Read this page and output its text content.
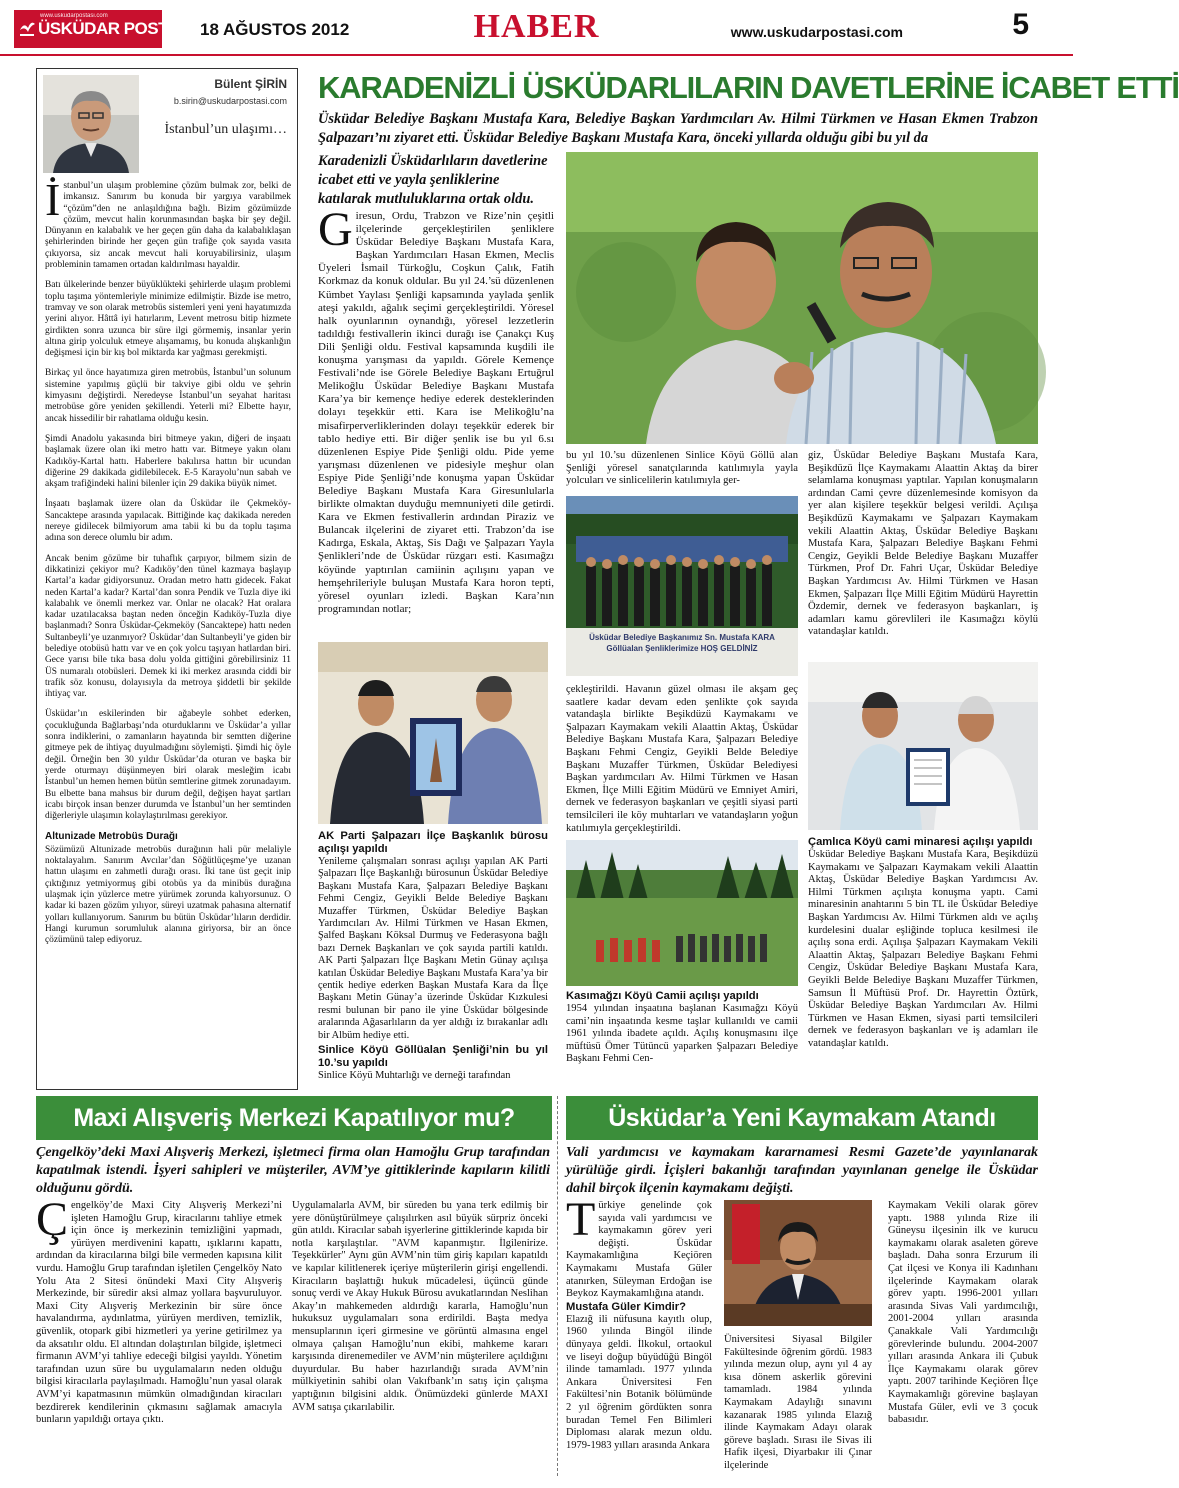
www.uskudarpostasi.com
ÜSKÜDAR POSTASI 18 AĞUSTOS 2012	HABER	www.uskudarpostasi.com	5
Bülent ŞİRİN
b.sirin@uskudarpostasi.com
İstanbul’un ulaşımı…

İstanbul’un ulaşım problemine çözüm bulmak zor, belki de imkansız. Sanırım bu konuda bir yargıya varabilmek “çözüm”den ne anlaşıldığına bağlı. Bizim gözümüzde çözüm, mevcut halin korunmasından başka bir şey değil. Dünyanın en kalabalık ve her geçen gün daha da kalabalıklaşan şehirlerinden birinde her geçen gün trafiğe çok sayıda vasıta çıkıyorsa, siz ancak mevcut hali koruyabilirsiniz, ulaşım probleminin tamamen ortadan kaldırılması hayaldir.

Batı ülkelerinde benzer büyüklükteki şehirlerde ulaşım problemi toplu taşıma yöntemleriyle minimize edilmiştir. Bizde ise metro, tramvay ve son olarak metrobüs sistemleri yeni yeni hayatımızda yerini alıyor. Hâttâ iyi hatırlarım, Levent metrosu bitip hizmete girdikten sonra uzunca bir süre ilgi görmemiş, insanlar yerin altına girip yolculuk etmeye alışamamış, bu konuda alışkanlığın değişmesi için bir kış bol miktarda kar yağması gerekmişti.

Birkaç yıl önce hayatımıza giren metrobüs, İstanbul’un solunum sistemine yapılmış güçlü bir takviye gibi oldu ve şehrin kimyasını değiştirdi. Neredeyse İstanbul’un seyahat haritası metrobüse göre yeniden şekillendi. Yeterli mi? Elbette hayır, ancak hissedilir bir rahatlama olduğu kesin.

Şimdi Anadolu yakasında biri bitmeye yakın, diğeri de inşaatı başlamak üzere olan iki metro hattı var. Bitmeye yakın olanı Kadıköy-Kartal hattı. Haberlere bakılırsa hattın bir ucundan diğerine 29 dakikada gidilebilecek. E-5 Karayolu’nun sabah ve akşam trafiğindeki halini bilenler için 29 dakika büyük nimet.

İnşaatı başlamak üzere olan da Üsküdar ile Çekmeköy-Sancaktepe arasında yapılacak. Bittiğinde kaç dakikada nereden nereye gidilecek bilmiyorum ama tabii ki bu da toplu taşıma adına son derece olumlu bir adım.

Ancak benim gözüme bir tuhaflık çarpıyor, bilmem sizin de dikkatinizi çekiyor mu? Kadıköy’den tünel kazmaya başlayıp Kartal’a kadar gidiyorsunuz. Oradan metro hattı gidecek. Fakat neden Kartal’a kadar? Kartal’dan sonra Pendik ve Tuzla diye iki kalabalık ve önemli merkez var. Onlar ne olacak? Hat oralara kadar uzatılacaksa baştan neden önceğin Kadıköy-Tuzla diye başlanmadı? Sonra Üsküdar-Çekmeköy (Sancaktepe) hattı neden Sultanbeyli’ye uzanmıyor? Üsküdar’dan Sultanbeyli’ye giden bir belediye otobüsü hattı var ve en çok yolcu taşıyan hatlardan biri. Gece yarısı bile tıka basa dolu yolda gittiğini görebilirsiniz 11 ÜS numaralı otobüsleri. Demek ki iki merkez arasında ciddi bir trafik söz konusu, dolayısıyla da metroya şiddetli bir şekilde ihtiyaç var.

Üsküdar’ın eskilerinden bir ağabeyle sohbet ederken, çocukluğunda Bağlarbaşı’nda oturduklarını ve Üsküdar’a yıllar sonra indiklerini, o zamanların hayatında bir semtten diğerine gitmeye pek de ihtiyaç duyulmadığını söylemişti. Şimdi hiç öyle değil. Örneğin ben 30 yıldır Üsküdar’da oturan ve başka bir yerde oturmayı düşünmeyen biri olarak mesleğim icabı İstanbul’un hemen hemen bütün semtlerine gitmek zorunadayım. Bu elbette bana mahsus bir durum değil, değişen hayat şartları icabı birçok insan benzer durumda ve İstanbul’un her semtinden diğerleriyle ulaşımın kolaylaştırılması gerekiyor.

Altunizade Metrobüs Durağı

Sözümüzü Altunizade metrobüs durağının hali pür melaliyle noktalayalım. Sanırım Avcılar’dan Söğütlüçeşme’ye uzanan hattın ulaşımı en zahmetli durağı orası. İki tane üst geçit inip çıktığınız yetmiyormuş gibi otobüs ya da minibüs durağına ulaşmak için yüzlerce metre yürümek zorunda kalıyorsunuz. O kadar ki bazen gözüm yılıyor, süreyi uzatmak pahasına alternatif yolları kullanıyorum. Sanırım bu bütün Üsküdar’lıların derdidir. Hangi kurumun sorumluluk alanına giriyorsa, bir an önce çözümünü talep ediyoruz.

KARADENİZLİ ÜSKÜDARLILARIN DAVETLERİNE İCABET ETTİ
Üsküdar Belediye Başkanı Mustafa Kara, Belediye Başkan Yardımcıları Av. Hilmi Türkmen ve Hasan Ekmen Trabzon Şalpazarı’nı ziyaret etti. Üsküdar Belediye Başkanı Mustafa Kara, önceki yıllarda olduğu gibi bu yıl da
Karadenizli Üsküdarlıların davetlerine icabet etti ve yayla şenliklerine katılarak mutluluklarına ortak oldu.
G iresun, Ordu, Trabzon ve Rize’nin çeşitli ilçelerinde gerçekleştirilen şenliklere Üsküdar Belediye Başkanı Mustafa Kara, Başkan Yardımcıları Hasan Ekmen, Meclis Üyeleri İsmail Türkoğlu, Coşkun Çalık, Fatih Korkmaz da konuk oldular. Bu yıl 24.’sü düzenlenen Kümbet Yaylası Şenliği kapsamında yaylada şenlik ateşi yakıldı, ağalık seçimi gerçekleştirildi. Yöresel halk oyunlarının oynandığı, yöresel lezzetlerin tadıldığı festivallerin ikinci durağı ise Çanakçı Kuş Dili Şenliği oldu. Festival kapsamında kuşdili ile konuşma yarışması da yapıldı. Görele Kemençe Festivali’nde ise Görele Belediye Başkanı Ertuğrul Melikoğlu Üsküdar Belediye Başkanı Mustafa Kara’ya bir kemençe hediye ederek desteklerinden dolayı teşekkür etti. Kara ise Melikoğlu’na misafirperverliklerinden dolayı teşekkür ederek bir tablo hediye etti. Bir diğer şenlik ise bu yıl 6.sı düzenlenen Espiye Pide Şenliği oldu. Pide yeme yarışması düzenlenen ve pidesiyle meşhur olan Espiye Pide Şenliği’nde konuşma yapan Üsküdar Belediye Başkanı Mustafa Kara Giresunlularla birlikte olmaktan duyduğu memnuniyeti dile getirdi. Kara ve Ekmen festivallerin ardından Piraziz ve Bulancak ilçelerini de ziyaret etti. Trabzon’da ise Kadırga, Eskala, Aktaş, Sis Dağı ve Şalpazarı Yayla Şenlikleri’nde de Üsküdar rüzgarı esti. Kasımağzı köyünde yaptırılan camiinin açılışını yapan ve hemşehrileriyle buluşan Mustafa Kara horon tepti, yöresel oyunları izledi. Başkan Kara’nın programından notlar;
AK Parti Şalpazarı İlçe Başkanlık bürosu açılışı yapıldı
Yenileme çalışmaları sonrası açılışı yapılan AK Parti Şalpazarı İlçe Başkanlığı bürosunun Üsküdar Belediye Başkanı Mustafa Kara, Şalpazarı Belediye Başkanı Fehmi Cengiz, Geyikli Belde Belediye Başkanı Muzaffer Türkmen, Üsküdar Belediye Başkan Yardımcıları Av. Hilmi Türkmen ve Hasan Ekmen, Şalfed Başkanı Köksal Durmuş ve Federasyona bağlı bazı Dernek Başkanları ve çok sayıda partili katıldı. AK Parti Şalpazarı İlçe Başkanı Metin Günay açılışa katılan Üsküdar Belediye Başkanı Mustafa Kara’ya bir çentik hediye ederken Başkan Mustafa Kara da İlçe Başkanı Metin Günay’a üzerinde Üsküdar Kızkulesi resmi bulunan bir pano ile yine Üsküdar bölgesinde aralarında Ağasarlıların da yer aldığı iz bırakanlar adlı bir Albüm hediye etti.
Sinlice Köyü Göllüalan Şenliği’nin bu yıl 10.’su yapıldı
Sinlice Köyü Muhtarlığı ve derneği tarafından
bu yıl 10.’su düzenlenen Sinlice Köyü Göllü alan Şenliği yöresel sanatçılarında katılımıyla yayla yolcuları ve sinlicelilerin katılımıyla ger-
Üsküdar Belediye Başkanımız Sn. Mustafa KARA Göllüalan Şenliklerimize HOŞ GELDİNİZ
çekleştirildi. Havanın güzel olması ile akşam geç saatlere kadar devam eden şenlikte çok sayıda vatandaşla birlikte Beşikdüzü Kaymakamı ve Şalpazarı Kaymakam vekili Alaattin Aktaş, Üsküdar Belediye Başkanı Mustafa Kara, Şalpazarı Belediye Başkanı Fehmi Cengiz, Geyikli Belde Belediye Başkanı Muzaffer Türkmen, Üsküdar Belediyesi Başkan yardımcıları Av. Hilmi Türkmen ve Hasan Ekmen, İlçe Milli Eğitim Müdürü ve Emniyet Amiri, dernek ve federasyon başkanları ve çeşitli siyasi parti temsilcileri ile köy muhtarları ve vatandaşların yoğun katılımıyla gerçekleştirildi.
Kasımağzı Köyü Camii açılışı yapıldı
1954 yılından inşaatına başlanan Kasımağzı Köyü cami’nin inşaatında kesme taşlar kullanıldı ve camii 1961 yılında ibadete açıldı. Açılış konuşmasını ilçe müftüsü Ömer Tütüncü yaparken Şalpazarı Belediye Başkanı Fehmi Cen-
giz, Üsküdar Belediye Başkanı Mustafa Kara, Beşikdüzü İlçe Kaymakamı Alaattin Aktaş da birer selamlama konuşması yaptılar. Yapılan konuşmaların ardından Cami çevre düzenlemesinde komisyon da yer alan kişilere teşekkür belgesi verildi. Açılışa Beşikdüzü Kaymakamı ve Şalpazarı Kaymakam vekili Alaattin Aktaş, Üsküdar Belediye Başkanı Mustafa Kara, Şalpazarı Belediye Başkanı Fehmi Cengiz, Geyikli Belde Belediye Başkanı Muzaffer Türkmen, Prof Dr. Fahri Uçar, Üsküdar Belediye Başkan Yardımcısı Av. Hilmi Türkmen ve Hasan Ekmen, Şalpazarı İlçe Milli Eğitim Müdürü Hayrettin Özdemir, dernek ve federasyon başkanları, iş adamları kamu görevlileri ile Kasımağzı köylü vatandaşlar katıldı.
Çamlıca Köyü cami minaresi açılışı yapıldı
Üsküdar Belediye Başkanı Mustafa Kara, Beşikdüzü Kaymakamı ve Şalpazarı Kaymakam vekili Alaattin Aktaş, Üsküdar Belediye Başkan Yardımcısı Av. Hilmi Türkmen açılışta konuşma yaptı. Cami minaresinin anahtarını 5 bin TL ile Üsküdar Belediye Başkan Yardımcısı Av. Hilmi Türkmen aldı ve açılış kurdelesini dualar eşliğinde topluca kesilmesi ile açılış sona erdi. Açılışa Şalpazarı Kaymakam Vekili Alaattin Aktaş, Şalpazarı Belediye Başkanı Fehmi Cengiz, Üsküdar Belediye Başkanı Mustafa Kara, Geyikli Belde Belediye Başkanı Muzaffer Türkmen, Samsun İl Müftüsü Prof. Dr. Hayrettin Öztürk, Üsküdar Belediye Başkan Yardımcıları Av. Hilmi Türkmen ve Hasan Ekmen, siyasi parti temsilcileri dernek ve federasyon başkanları ve iş adamları ile vatandaşlar katıldı.
Maxi Alışveriş Merkezi Kapatılıyor mu?	Üsküdar’a Yeni Kaymakam Atandı
Çengelköy’deki Maxi Alışveriş Merkezi, işletmeci firma olan Hamoğlu Grup tarafından kapatılmak istendi. İşyeri sahipleri ve müşteriler, AVM’ye gittiklerinde kapıların kilitli olduğunu gördü.
Ç engelköy’de Maxi City Alışveriş Merkezi’ni işleten Hamoğlu Grup, kiracılarını tahliye etmek için önce iş merkezinin temizliğini yapmadı, yürüyen merdivenini kapattı, ışıklarını kapattı, ardından da kiracılarına bilgi bile vermeden kapısına kilit vurdu. Hamoğlu Grup tarafından işletilen Çengelköy Nato Yolu Ata 2 Sitesi önündeki Maxi City Alışveriş Merkezinde, bir süredir aksi almaz yollara başvuruluyor. Maxi City Alışveriş Merkezinin bir süre önce havalandırma, aydınlatma, yürüyen merdiven, temizlik, güvenlik, otopark gibi hizmetleri ya yerine getirilmez ya da aksatılır oldu. El altından dolaştırılan bilgide, işletmeci firmanın AVM’yi tahliye edeceği bilgisi yayıldı. Yönetim tarafından uzun süre bu uygulamaların neden olduğu bilgisi kiracılarla paylaşılmadı. Hamoğlu’nun yasal olarak AVM’yi kapatmasının mümkün olmadığından kiracıları bezdirerek kendilerinin çıkmasını sağlamak amacıyla bunların yapıldığı ortaya çıktı.
Uygulamalarla AVM, bir süreden bu yana terk edilmiş bir yere dönüştürülmeye çalışılırken asıl büyük sürpriz önceki gün atıldı. Kiracılar sabah işyerlerine gittiklerinde kapıda bir notla karşılaştılar. "AVM kapanmıştır. İlgilenirize. Teşekkürler" Aynı gün AVM’nin tüm giriş kapıları kapatıldı ve kapılar kilitlenerek içeriye müşterilerin girişi engellendi. Kiracıların başlattığı hukuk mücadelesi, üçüncü günde sonuç verdi ve Akay Hukuk Bürosu avukatlarından Neslihan Akay’ın mahkemeden aldırdığı kararla, Hamoğlu’nun hukuksuz uygulamaları sona erdirildi. Başta medya mensuplarının içeri girmesine ve görüntü almasına engel olmaya çalışan Hamoğlu’nun ekibi, mahkeme kararı karşısında direnemediler ve AVM’nin müşterilere açıldığını duyurdular. Bu haber hazırlandığı sırada AVM’nin mülkiyetinin sahibi olan Vakıfbank’ın satış için çalışma yaptığının bilgisini aldık. Önümüzdeki günlerde MAXI AVM satışa çıkarılabilir.
Vali yardımcısı ve kaymakam kararnamesi Resmi Gazete’de yayınlanarak yürülüğe girdi. İçişleri bakanlığı tarafından yayınlanan genelge ile Üsküdar dahil birçok ilçenin kaymakamı değişti.
T ürkiye genelinde çok sayıda vali yardımcısı ve kaymakamın görev yeri değişti. Üsküdar Kaymakamlığına Keçiören Kaymakamı Mustafa Güler atanırken, Süleyman Erdoğan ise Beykoz Kaymakamlığına atandı.
Mustafa Güler Kimdir?
Elazığ ili nüfusuna kayıtlı olup, 1960 yılında Bingöl ilinde dünyaya geldi. İlkokul, ortaokul ve liseyi doğup büyüdüğü Bingöl ilinde tamamladı. 1977 yılında Ankara Üniversitesi Fen Fakültesi’nin Botanik bölümünde 2 yıl öğrenim gördükten sonra buradan Temel Fen Bilimleri Diploması alarak mezun oldu. 1979-1983 yılları arasında Ankara
Üniversitesi Siyasal Bilgiler Fakültesinde öğrenim gördü. 1983 yılında mezun olup, aynı yıl 4 ay kısa dönem askerlik görevini tamamladı. 1984 yılında Kaymakam Adaylığı sınavını kazanarak 1985 yılında Elazığ ilinde Kaymakam Adayı olarak göreve başladı. Sırası ile Sivas ili Hafik ilçesi, Diyarbakır ili Çınar ilçelerinde
Kaymakam Vekili olarak görev yaptı. 1988 yılında Rize ili Güneysu ilçesinin ilk ve kurucu kaymakamı olarak asaleten göreve başladı. Daha sonra Erzurum ili Çat ilçesi ve Konya ili Kadınhanı ilçelerinde Kaymakam olarak görev yaptı. 1996-2001 yılları arasında Sivas Vali yardımcılığı, 2001-2004 yılları arasında Çanakkale Vali Yardımcılığı görevlerinde bulundu. 2004-2007 yılları arasında Ankara ili Çubuk İlçe Kaymakamı olarak görev yaptı. 2007 tarihinde Keçiören İlçe Kaymakamlığı görevine başlayan Mustafa Güler, evli ve 3 çocuk babasıdır.
